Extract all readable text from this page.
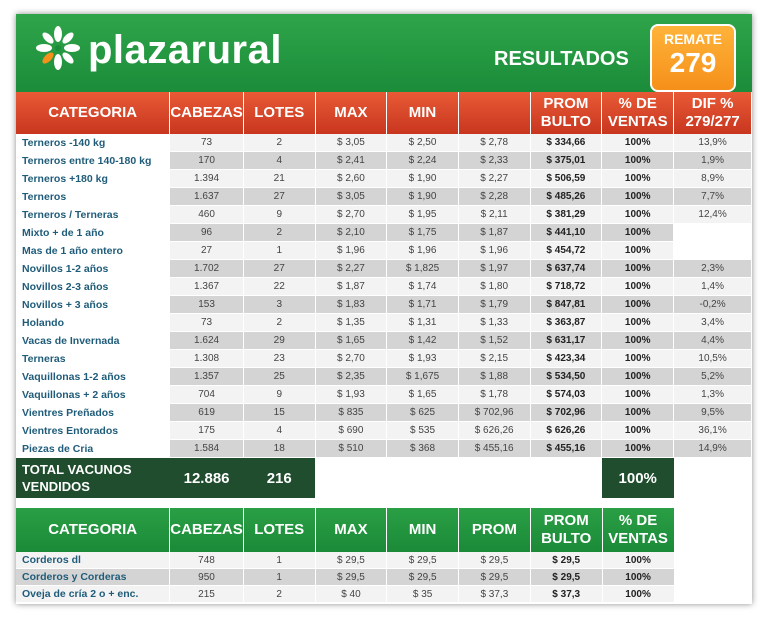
plazarural	RESULTADOS
REMATE
279
CATEGORIA	CABEZAS	LOTES	MAX	MIN		PROM BULTO	% DE VENTAS	DIF % 279/277
Terneros -140 kg	73	2	$ 3,05	$ 2,50	$ 2,78	$ 334,66	100%	13,9%
Terneros entre 140-180 kg	170	4	$ 2,41	$ 2,24	$ 2,33	$ 375,01	100%	1,9%
Terneros +180 kg	1.394	21	$ 2,60	$ 1,90	$ 2,27	$ 506,59	100%	8,9%
Terneros	1.637	27	$ 3,05	$ 1,90	$ 2,28	$ 485,26	100%	7,7%
Terneros / Terneras	460	9	$ 2,70	$ 1,95	$ 2,11	$ 381,29	100%	12,4%
Mixto + de 1 año	96	2	$ 2,10	$ 1,75	$ 1,87	$ 441,10	100%	
Mas de 1 año entero	27	1	$ 1,96	$ 1,96	$ 1,96	$ 454,72	100%	
Novillos 1-2 años	1.702	27	$ 2,27	$ 1,825	$ 1,97	$ 637,74	100%	2,3%
Novillos 2-3 años	1.367	22	$ 1,87	$ 1,74	$ 1,80	$ 718,72	100%	1,4%
Novillos + 3 años	153	3	$ 1,83	$ 1,71	$ 1,79	$ 847,81	100%	-0,2%
Holando	73	2	$ 1,35	$ 1,31	$ 1,33	$ 363,87	100%	3,4%
Vacas de Invernada	1.624	29	$ 1,65	$ 1,42	$ 1,52	$ 631,17	100%	4,4%
Terneras	1.308	23	$ 2,70	$ 1,93	$ 2,15	$ 423,34	100%	10,5%
Vaquillonas 1-2 años	1.357	25	$ 2,35	$ 1,675	$ 1,88	$ 534,50	100%	5,2%
Vaquillonas + 2 años	704	9	$ 1,93	$ 1,65	$ 1,78	$ 574,03	100%	1,3%
Vientres Preñados	619	15	$ 835	$ 625	$ 702,96	$ 702,96	100%	9,5%
Vientres Entorados	175	4	$ 690	$ 535	$ 626,26	$ 626,26	100%	36,1%
Piezas de Cria	1.584	18	$ 510	$ 368	$ 455,16	$ 455,16	100%	14,9%
TOTAL VACUNOS VENDIDOS	12.886	216					100%	
CATEGORIA	CABEZAS	LOTES	MAX	MIN	PROM	PROM BULTO	% DE VENTAS	
Corderos dl	748	1	$ 29,5	$ 29,5	$ 29,5	$ 29,5	100%	
Corderos y Corderas	950	1	$ 29,5	$ 29,5	$ 29,5	$ 29,5	100%	
Oveja de cría 2 o + enc.	215	2	$ 40	$ 35	$ 37,3	$ 37,3	100%	
